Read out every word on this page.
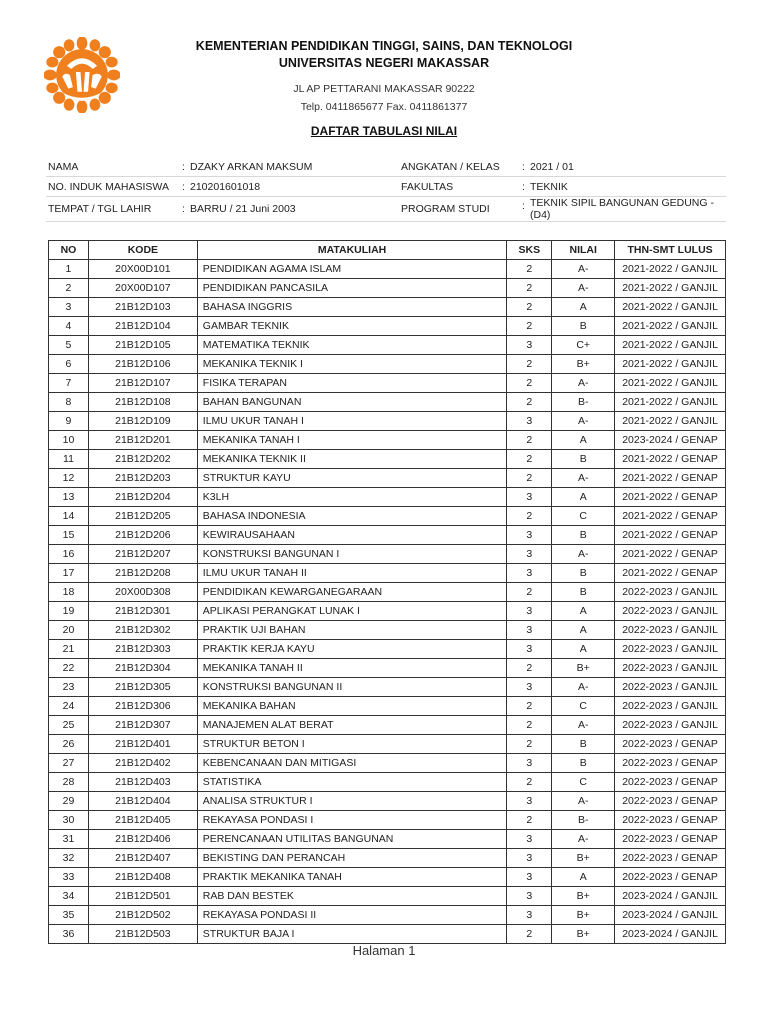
KEMENTERIAN PENDIDIKAN TINGGI, SAINS, DAN TEKNOLOGI
UNIVERSITAS NEGERI MAKASSAR
JL AP PETTARANI MAKASSAR 90222
Telp. 0411865677 Fax. 0411861377
DAFTAR TABULASI NILAI
NAMA	: DZAKY ARKAN MAKSUM	ANGKATAN / KELAS	: 2021 / 01
NO. INDUK MAHASISWA	: 210201601018	FAKULTAS	: TEKNIK
TEMPAT / TGL LAHIR	: BARRU / 21 Juni 2003	PROGRAM STUDI	: TEKNIK SIPIL BANGUNAN GEDUNG - (D4)
NO	KODE	MATAKULIAH	SKS	NILAI	THN-SMT LULUS
1	20X00D101	PENDIDIKAN AGAMA ISLAM	2	A-	2021-2022 / GANJIL
2	20X00D107	PENDIDIKAN PANCASILA	2	A-	2021-2022 / GANJIL
3	21B12D103	BAHASA INGGRIS	2	A	2021-2022 / GANJIL
4	21B12D104	GAMBAR TEKNIK	2	B	2021-2022 / GANJIL
5	21B12D105	MATEMATIKA TEKNIK	3	C+	2021-2022 / GANJIL
6	21B12D106	MEKANIKA TEKNIK I	2	B+	2021-2022 / GANJIL
7	21B12D107	FISIKA TERAPAN	2	A-	2021-2022 / GANJIL
8	21B12D108	BAHAN BANGUNAN	2	B-	2021-2022 / GANJIL
9	21B12D109	ILMU UKUR TANAH I	3	A-	2021-2022 / GANJIL
10	21B12D201	MEKANIKA TANAH I	2	A	2023-2024 / GENAP
11	21B12D202	MEKANIKA TEKNIK II	2	B	2021-2022 / GENAP
12	21B12D203	STRUKTUR KAYU	2	A-	2021-2022 / GENAP
13	21B12D204	K3LH	3	A	2021-2022 / GENAP
14	21B12D205	BAHASA INDONESIA	2	C	2021-2022 / GENAP
15	21B12D206	KEWIRAUSAHAAN	3	B	2021-2022 / GENAP
16	21B12D207	KONSTRUKSI BANGUNAN I	3	A-	2021-2022 / GENAP
17	21B12D208	ILMU UKUR TANAH II	3	B	2021-2022 / GENAP
18	20X00D308	PENDIDIKAN KEWARGANEGARAAN	2	B	2022-2023 / GANJIL
19	21B12D301	APLIKASI PERANGKAT LUNAK I	3	A	2022-2023 / GANJIL
20	21B12D302	PRAKTIK UJI BAHAN	3	A	2022-2023 / GANJIL
21	21B12D303	PRAKTIK KERJA KAYU	3	A	2022-2023 / GANJIL
22	21B12D304	MEKANIKA TANAH II	2	B+	2022-2023 / GANJIL
23	21B12D305	KONSTRUKSI BANGUNAN II	3	A-	2022-2023 / GANJIL
24	21B12D306	MEKANIKA BAHAN	2	C	2022-2023 / GANJIL
25	21B12D307	MANAJEMEN ALAT BERAT	2	A-	2022-2023 / GANJIL
26	21B12D401	STRUKTUR BETON I	2	B	2022-2023 / GENAP
27	21B12D402	KEBENCANAAN DAN MITIGASI	3	B	2022-2023 / GENAP
28	21B12D403	STATISTIKA	2	C	2022-2023 / GENAP
29	21B12D404	ANALISA STRUKTUR I	3	A-	2022-2023 / GENAP
30	21B12D405	REKAYASA PONDASI I	2	B-	2022-2023 / GENAP
31	21B12D406	PERENCANAAN UTILITAS BANGUNAN	3	A-	2022-2023 / GENAP
32	21B12D407	BEKISTING DAN PERANCAH	3	B+	2022-2023 / GENAP
33	21B12D408	PRAKTIK MEKANIKA TANAH	3	A	2022-2023 / GENAP
34	21B12D501	RAB DAN BESTEK	3	B+	2023-2024 / GANJIL
35	21B12D502	REKAYASA PONDASI II	3	B+	2023-2024 / GANJIL
36	21B12D503	STRUKTUR BAJA I	2	B+	2023-2024 / GANJIL
Halaman 1
